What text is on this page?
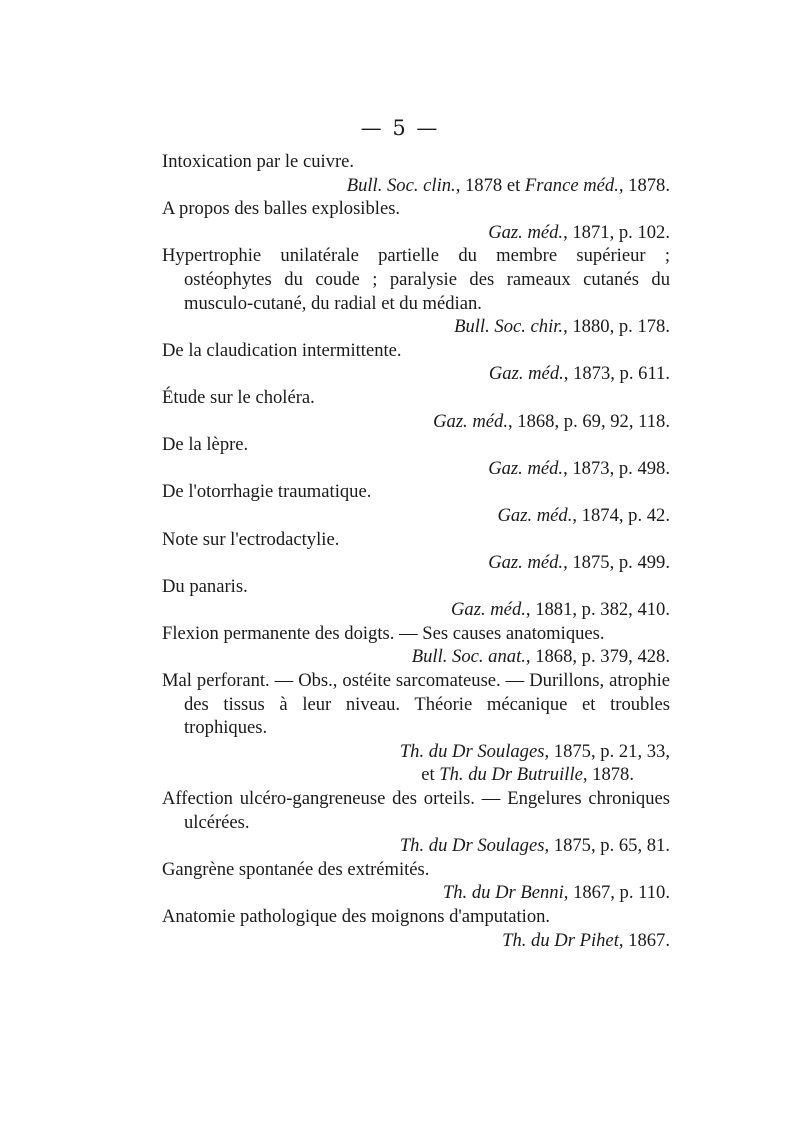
— 5 —
Intoxication par le cuivre.
Bull. Soc. clin., 1878 et France méd., 1878.
A propos des balles explosibles.
Gaz. méd., 1871, p. 102.
Hypertrophie unilatérale partielle du membre supérieur ; ostéophytes du coude ; paralysie des rameaux cutanés du musculo-cutané, du radial et du médian.
Bull. Soc. chir., 1880, p. 178.
De la claudication intermittente.
Gaz. méd., 1873, p. 611.
Étude sur le choléra.
Gaz. méd., 1868, p. 69, 92, 118.
De la lèpre.
Gaz. méd., 1873, p. 498.
De l'otorrhagie traumatique.
Gaz. méd., 1874, p. 42.
Note sur l'ectrodactylie.
Gaz. méd., 1875, p. 499.
Du panaris.
Gaz. méd., 1881, p. 382, 410.
Flexion permanente des doigts. — Ses causes anatomiques.
Bull. Soc. anat., 1868, p. 379, 428.
Mal perforant. — Obs., ostéite sarcomateuse. — Durillons, atrophie des tissus à leur niveau. Théorie mécanique et troubles trophiques.
Th. du Dr Soulages, 1875, p. 21, 33,
et Th. du Dr Butruille, 1878.
Affection ulcéro-gangreneuse des orteils. — Engelures chroniques ulcérées.
Th. du Dr Soulages, 1875, p. 65, 81.
Gangrène spontanée des extrémités.
Th. du Dr Benni, 1867, p. 110.
Anatomie pathologique des moignons d'amputation.
Th. du Dr Pihet, 1867.
